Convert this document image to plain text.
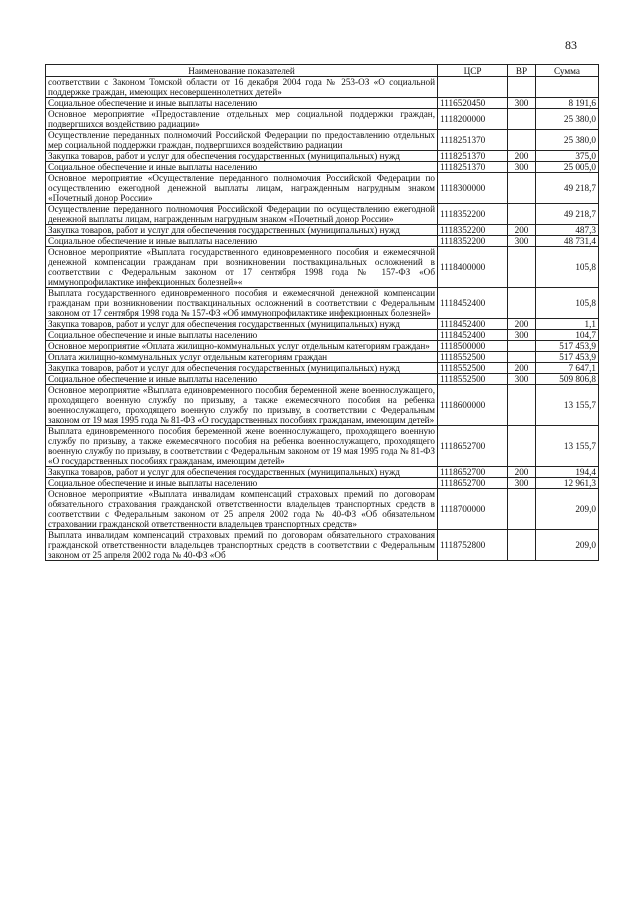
83
Наименование показателей	ЦСР	ВР	Сумма
соответствии с Законом Томской области от 16 декабря 2004 года № 253-ОЗ «О социальной поддержке граждан, имеющих несовершеннолетних детей»			
Социальное обеспечение и иные выплаты населению	1116520450	300	8 191,6
Основное мероприятие «Предоставление отдельных мер социальной поддержки граждан, подвергшихся воздействию радиации»	1118200000		25 380,0
Осуществление переданных полномочий Российской Федерации по предоставлению отдельных мер социальной поддержки граждан, подвергшихся воздействию радиации	1118251370		25 380,0
Закупка товаров, работ и услуг для обеспечения государственных (муниципальных) нужд	1118251370	200	375,0
Социальное обеспечение и иные выплаты населению	1118251370	300	25 005,0
Основное мероприятие «Осуществление переданного полномочия Российской Федерации по осуществлению ежегодной денежной выплаты лицам, награжденным нагрудным знаком «Почетный донор России»	1118300000		49 218,7
Осуществление переданного полномочия Российской Федерации по осуществлению ежегодной денежной выплаты лицам, награжденным нагрудным знаком «Почетный донор России»	1118352200		49 218,7
Закупка товаров, работ и услуг для обеспечения государственных (муниципальных) нужд	1118352200	200	487,3
Социальное обеспечение и иные выплаты населению	1118352200	300	48 731,4
Основное мероприятие «Выплата государственного единовременного пособия и ежемесячной денежной компенсации гражданам при возникновении поствакцинальных осложнений в соответствии с Федеральным законом от 17 сентября 1998 года № 157-ФЗ «Об иммунопрофилактике инфекционных болезней»«	1118400000		105,8
Выплата государственного единовременного пособия и ежемесячной денежной компенсации гражданам при возникновении поствакцинальных осложнений в соответствии с Федеральным законом от 17 сентября 1998 года № 157-ФЗ «Об иммунопрофилактике инфекционных болезней»	1118452400		105,8
Закупка товаров, работ и услуг для обеспечения государственных (муниципальных) нужд	1118452400	200	1,1
Социальное обеспечение и иные выплаты населению	1118452400	300	104,7
Основное мероприятие «Оплата жилищно-коммунальных услуг отдельным категориям граждан»	1118500000		517 453,9
Оплата жилищно-коммунальных услуг отдельным категориям граждан	1118552500		517 453,9
Закупка товаров, работ и услуг для обеспечения государственных (муниципальных) нужд	1118552500	200	7 647,1
Социальное обеспечение и иные выплаты населению	1118552500	300	509 806,8
Основное мероприятие «Выплата единовременного пособия беременной жене военнослужащего, проходящего военную службу по призыву, а также ежемесячного пособия на ребенка военнослужащего, проходящего военную службу по призыву, в соответствии с Федеральным законом от 19 мая 1995 года № 81-ФЗ «О государственных пособиях гражданам, имеющим детей»	1118600000		13 155,7
Выплата единовременного пособия беременной жене военнослужащего, проходящего военную службу по призыву, а также ежемесячного пособия на ребенка военнослужащего, проходящего военную службу по призыву, в соответствии с Федеральным законом от 19 мая 1995 года № 81-ФЗ «О государственных пособиях гражданам, имеющим детей»	1118652700		13 155,7
Закупка товаров, работ и услуг для обеспечения государственных (муниципальных) нужд	1118652700	200	194,4
Социальное обеспечение и иные выплаты населению	1118652700	300	12 961,3
Основное мероприятие «Выплата инвалидам компенсаций страховых премий по договорам обязательного страхования гражданской ответственности владельцев транспортных средств в соответствии с Федеральным законом от 25 апреля 2002 года № 40-ФЗ «Об обязательном страховании гражданской ответственности владельцев транспортных средств»	1118700000		209,0
Выплата инвалидам компенсаций страховых премий по договорам обязательного страхования гражданской ответственности владельцев транспортных средств в соответствии с Федеральным законом от 25 апреля 2002 года № 40-ФЗ «Об	1118752800		209,0
